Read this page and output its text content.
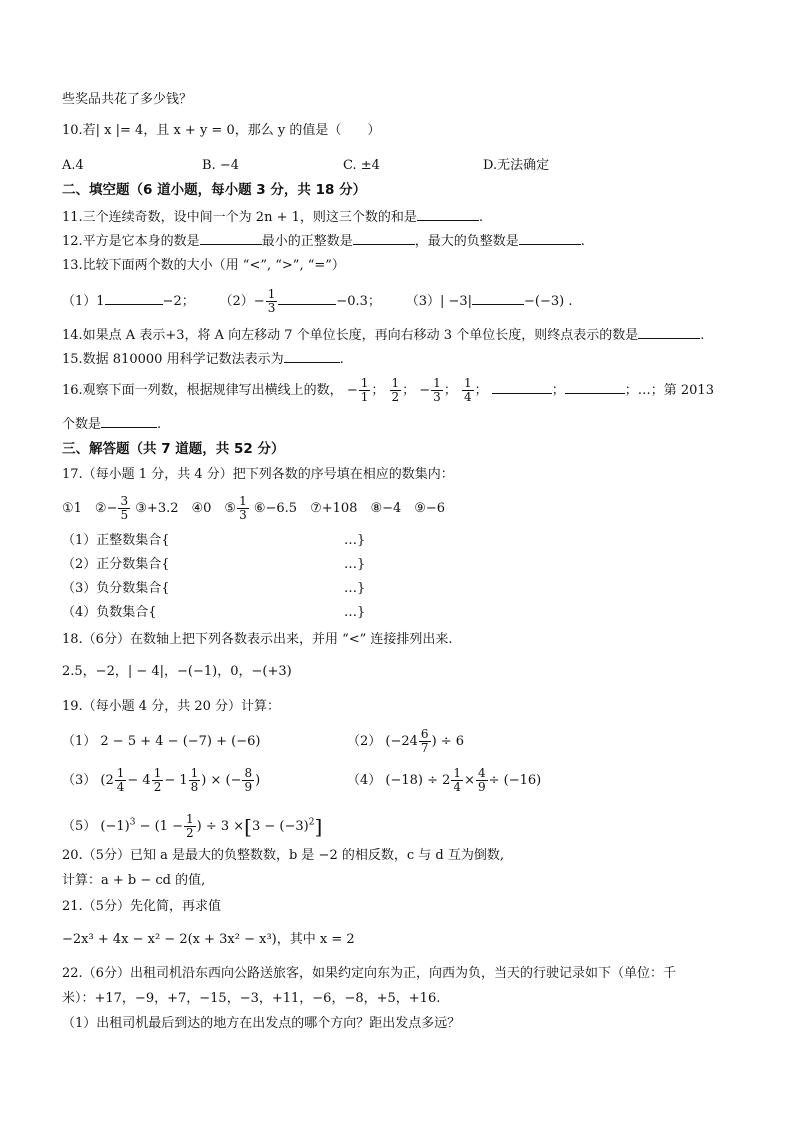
些奖品共花了多少钱？
10.若| x |= 4，且 x + y = 0，那么 y 的值是（　　）
A.4	B. −4	C. ±4	D.无法确定
二、填空题（6 道小题，每小题 3 分，共 18 分）
11.三个连续奇数，设中间一个为 2n + 1，则这三个数的和是	.
12.平方是它本身的数是	最小的正整数是	，最大的负整数是	.
13.比较下面两个数的大小（用 “<”, “>”, “=”）
（1）1	−2； $(2)- \frac{1}{3}$	−0.3； （3）| −3|	−(−3) .
14.如果点 A 表示+3，将 A 向左移动 7 个单位长度，再向右移动 3 个单位长度，则终点表示的数是	.
15.数据 810000 用科学记数法表示为	.
16.观察下面一列数，根据规律写出横线上的数， − $\frac{1}{1}$ ； $\frac{1}{2}$ ； − $\frac{1}{3}$ ； $\frac{1}{4}$ ；	；	；…；第 2013
个数是	.
三、解答题（共 7 道题，共 52 分）
17.（每小题 1 分，共 4 分）把下列各数的序号填在相应的数集内：
①1　②− $\frac{3}{5}$ ③+3.2　④0　⑤ $\frac{1}{3}$ ⑥−6.5　⑦+108　⑧−4　⑨−6
（1）正整数集合{	…}
（2）正分数集合{	…}
（3）负分数集合{	…}
（4）负数集合{	…}
18.（6分）在数轴上把下列各数表示出来，并用 “<” 连接排列出来.
2.5，−2，| − 4|，−(−1)，0，−(+3)
19.（每小题 4 分，共 20 分）计算：
（1） 2 − 5 + 4 − (−7) + (−6)	（2） ($-24 \frac{6}{7}$ ) ÷ 6
（3） ($2 \frac{1}{4} - 4 \frac{1}{2} - 1 \frac{1}{8}$ ) × (− $\frac{8}{9}$ )	（4） $(-18) \div 2 \frac{1}{4} \times \frac{4}{9} \div (-16)$
（5） $(-1)^3 - (1 - \frac{1}{2}$ ) ÷ $3 \times[3 - (-3)^2]$
20.（5分）已知 a 是最大的负整数数，b 是 −2 的相反数，c 与 d 互为倒数,
计算：a + b − cd 的值,
21.（5分）先化简，再求值
−2x³ + 4x − x² − 2(x + 3x² − x³)，其中 x = 2
22.（6分）出租司机沿东西向公路送旅客，如果约定向东为正，向西为负，当天的行驶记录如下（单位：千
米）：+17，−9，+7，−15，−3，+11，−6，−8，+5，+16.
（1）出租司机最后到达的地方在出发点的哪个方向？距出发点多远？
